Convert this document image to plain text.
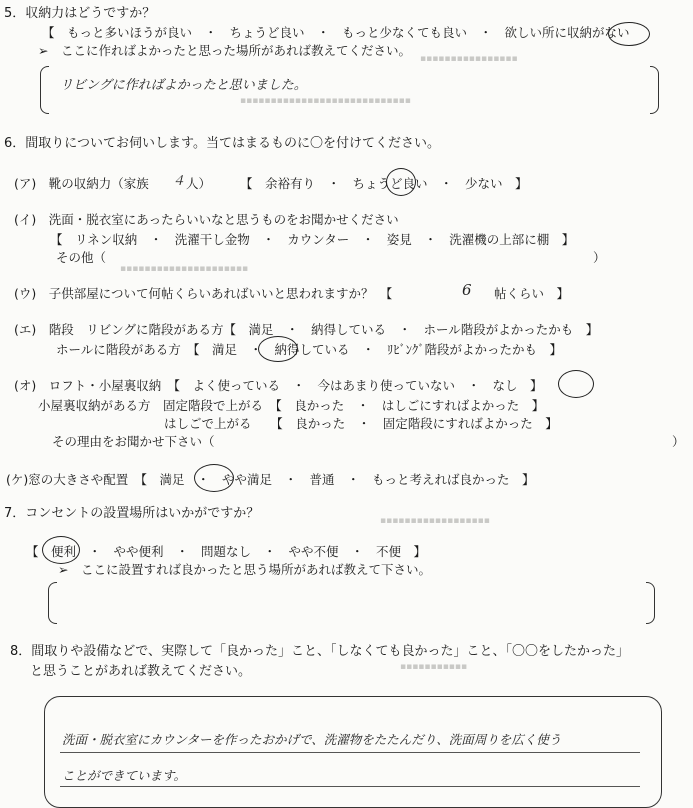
▪▪▪▪▪▪▪▪▪▪▪▪▪▪▪▪
▪▪▪▪▪▪▪▪▪▪▪▪▪▪▪▪▪▪▪▪▪▪▪▪▪▪▪▪
▪▪▪▪▪▪▪▪▪▪▪▪▪▪▪▪▪▪▪▪▪
▪▪▪▪▪▪▪▪▪▪▪▪▪▪▪▪▪▪
▪▪▪▪▪▪▪▪▪▪▪
5．収納力はどうですか？
【　もっと多いほうが良い　・　ちょうど良い　・　もっと少なくても良い　・　欲しい所に収納がない
➢　ここに作ればよかったと思った場所があれば教えてください。
リビングに作ればよかったと思いました。
6．間取りについてお伺いします。当てはまるものに〇を付けてください。
(ア)　靴の収納力（家族 ４ 人） 【　余裕有り　・　ちょうど良い　・　少ない　】
(イ)　洗面・脱衣室にあったらいいなと思うものをお聞かせください
【　リネン収納　・　洗濯干し金物　・　カウンター　・　姿見　・　洗濯機の上部に棚　】
その他（	）
(ウ)　子供部屋について何帖くらいあればいいと思われますか？　【	6 帖くらい　】
(エ)　階段　リビングに階段がある方【　満足　・　納得している　・　ホール階段がよかったかも　】
ホールに階段がある方　【　満足　・　納得している　・　ﾘﾋﾞﾝｸﾞ階段がよかったかも　】
(オ)　ロフト・小屋裏収納　【　よく使っている　・　今はあまり使っていない　・　なし　】
小屋裏収納がある方　固定階段で上がる　【　良かった　・　はしごにすればよかった　】
はしごで上がる　　【　良かった　・　固定階段にすればよかった　】
その理由をお聞かせ下さい（	）
(ケ)窓の大きさや配置　【　満足　・　やや満足　・　普通　・　もっと考えれば良かった　】
7．コンセントの設置場所はいかがですか？
【　便利　・　やや便利　・　問題なし　・　やや不便　・　不便　】
➢　ここに設置すれば良かったと思う場所があれば教えて下さい。
8．間取りや設備などで、実際して「良かった」こと、「しなくても良かった」こと、「〇〇をしたかった」
と思うことがあれば教えてください。
洗面・脱衣室にカウンターを作ったおかげで、洗濯物をたたんだり、洗面周りを広く使う
ことができています。
